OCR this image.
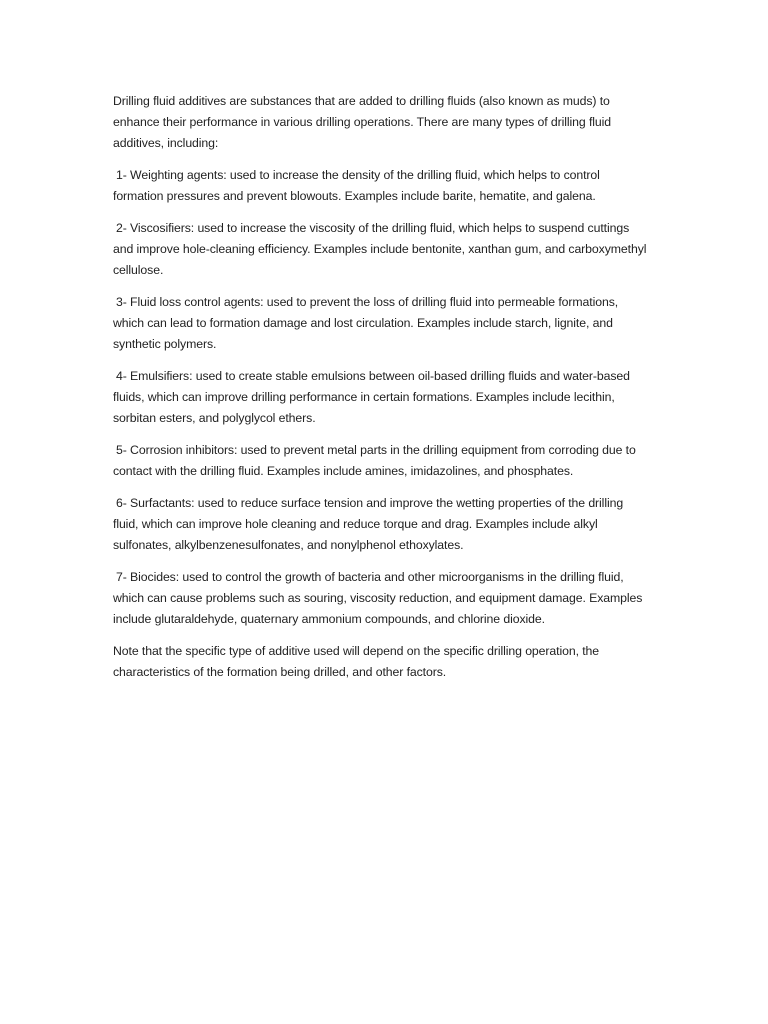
Drilling fluid additives are substances that are added to drilling fluids (also known as muds) to enhance their performance in various drilling operations. There are many types of drilling fluid additives, including:

1- Weighting agents: used to increase the density of the drilling fluid, which helps to control formation pressures and prevent blowouts. Examples include barite, hematite, and galena.

2- Viscosifiers: used to increase the viscosity of the drilling fluid, which helps to suspend cuttings and improve hole-cleaning efficiency. Examples include bentonite, xanthan gum, and carboxymethyl cellulose.

3- Fluid loss control agents: used to prevent the loss of drilling fluid into permeable formations, which can lead to formation damage and lost circulation. Examples include starch, lignite, and synthetic polymers.

4- Emulsifiers: used to create stable emulsions between oil-based drilling fluids and water-based fluids, which can improve drilling performance in certain formations. Examples include lecithin, sorbitan esters, and polyglycol ethers.

5- Corrosion inhibitors: used to prevent metal parts in the drilling equipment from corroding due to contact with the drilling fluid. Examples include amines, imidazolines, and phosphates.

6- Surfactants: used to reduce surface tension and improve the wetting properties of the drilling fluid, which can improve hole cleaning and reduce torque and drag. Examples include alkyl sulfonates, alkylbenzenesulfonates, and nonylphenol ethoxylates.

7- Biocides: used to control the growth of bacteria and other microorganisms in the drilling fluid, which can cause problems such as souring, viscosity reduction, and equipment damage. Examples include glutaraldehyde, quaternary ammonium compounds, and chlorine dioxide.

Note that the specific type of additive used will depend on the specific drilling operation, the characteristics of the formation being drilled, and other factors.
